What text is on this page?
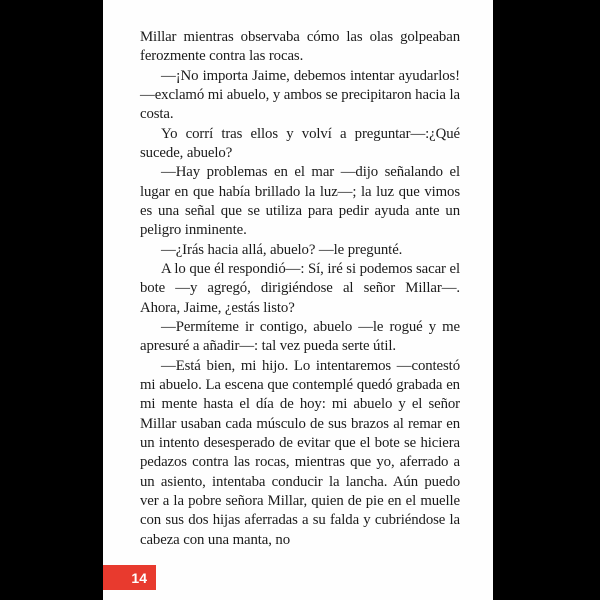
Millar mientras observaba cómo las olas golpeaban ferozmente contra las rocas.

—¡No importa Jaime, debemos intentar ayudarlos! —exclamó mi abuelo, y ambos se precipitaron hacia la costa.

Yo corrí tras ellos y volví a preguntar—:¿Qué sucede, abuelo?

—Hay problemas en el mar —dijo señalando el lugar en que había brillado la luz—; la luz que vimos es una señal que se utiliza para pedir ayuda ante un peligro inminente.

—¿Irás hacia allá, abuelo? —le pregunté.

A lo que él respondió—: Sí, iré si podemos sacar el bote —y agregó, dirigiéndose al señor Millar—. Ahora, Jaime, ¿estás listo?

—Permíteme ir contigo, abuelo —le rogué y me apresuré a añadir—: tal vez pueda serte útil.

—Está bien, mi hijo. Lo intentaremos —contestó mi abuelo. La escena que contemplé quedó grabada en mi mente hasta el día de hoy: mi abuelo y el señor Millar usaban cada músculo de sus brazos al remar en un intento desesperado de evitar que el bote se hiciera pedazos contra las rocas, mientras que yo, aferrado a un asiento, intentaba conducir la lancha. Aún puedo ver a la pobre señora Millar, quien de pie en el muelle con sus dos hijas aferradas a su falda y cubriéndose la cabeza con una manta, no

14
